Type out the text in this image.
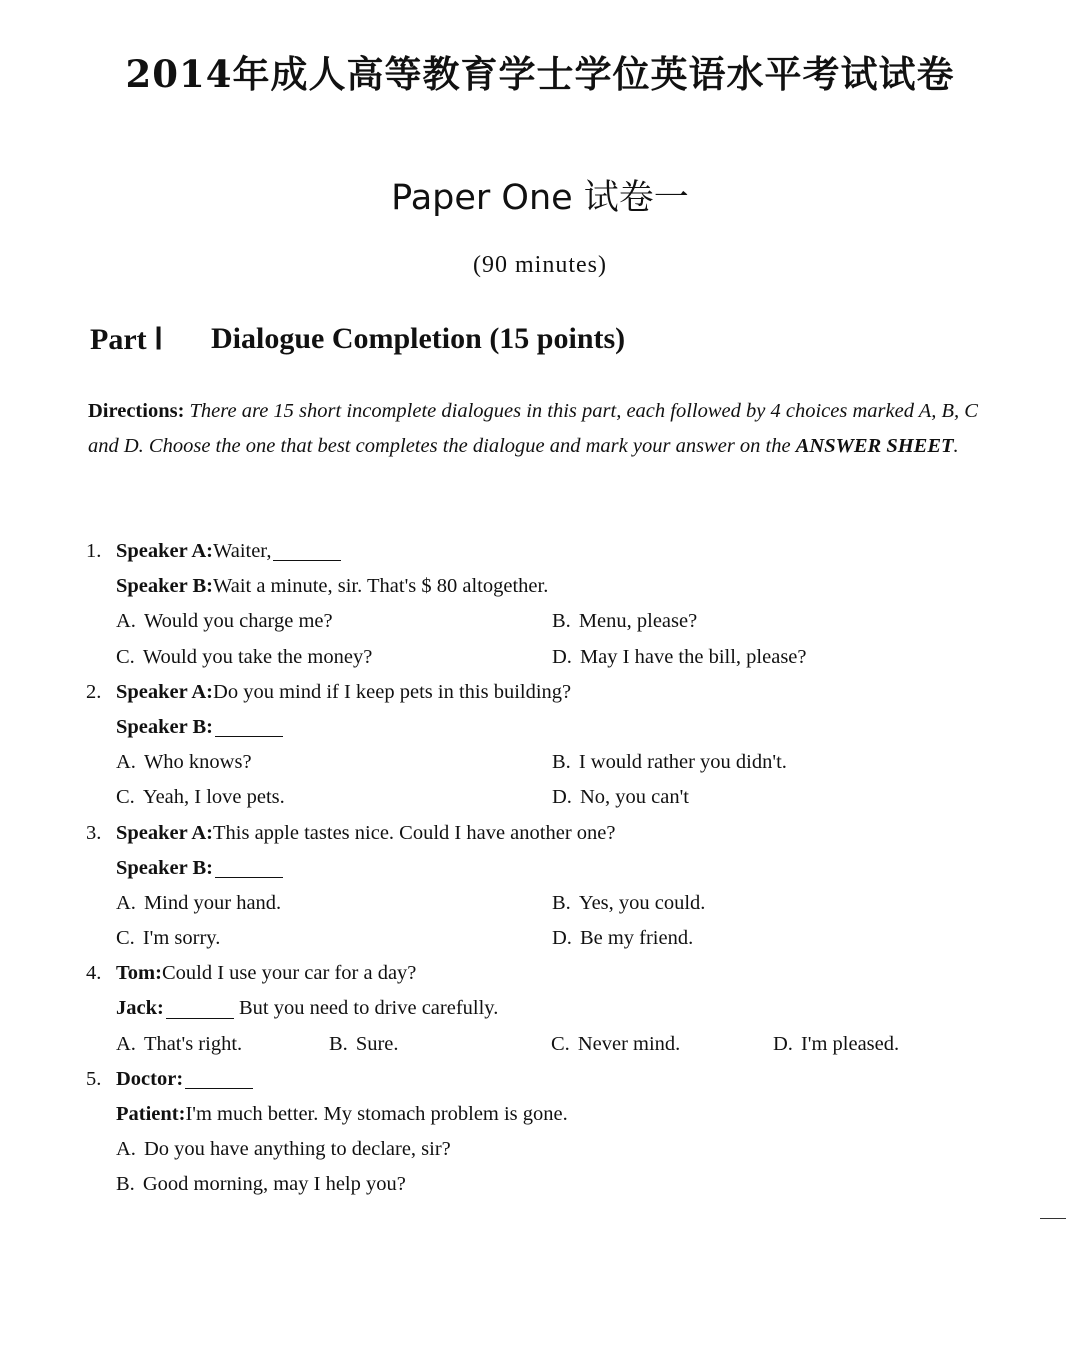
2014年成人高等教育学士学位英语水平考试试卷
Paper One 试卷一
(90 minutes)
Part Ⅰ Dialogue Completion (15 points)
Directions: There are 15 short incomplete dialogues in this part, each followed by 4 choices marked A, B, C and D. Choose the one that best completes the dialogue and mark your answer on the ANSWER SHEET.
1. Speaker A: Waiter,
Speaker B: Wait a minute, sir. That's $ 80 altogether.
A. Would you charge me?	B. Menu, please?
C. Would you take the money?	D. May I have the bill, please?
2. Speaker A: Do you mind if I keep pets in this building?
Speaker B:
A. Who knows?	B. I would rather you didn't.
C. Yeah, I love pets.	D. No, you can't
3. Speaker A: This apple tastes nice. Could I have another one?
Speaker B:
A. Mind your hand.	B. Yes, you could.
C. I'm sorry.	D. Be my friend.
4. Tom: Could I use your car for a day?
Jack:	But you need to drive carefully.
A. That's right.	B. Sure.	C. Never mind.	D. I'm pleased.
5. Doctor:
Patient: I'm much better. My stomach problem is gone.
A. Do you have anything to declare, sir?
B. Good morning, may I help you?
